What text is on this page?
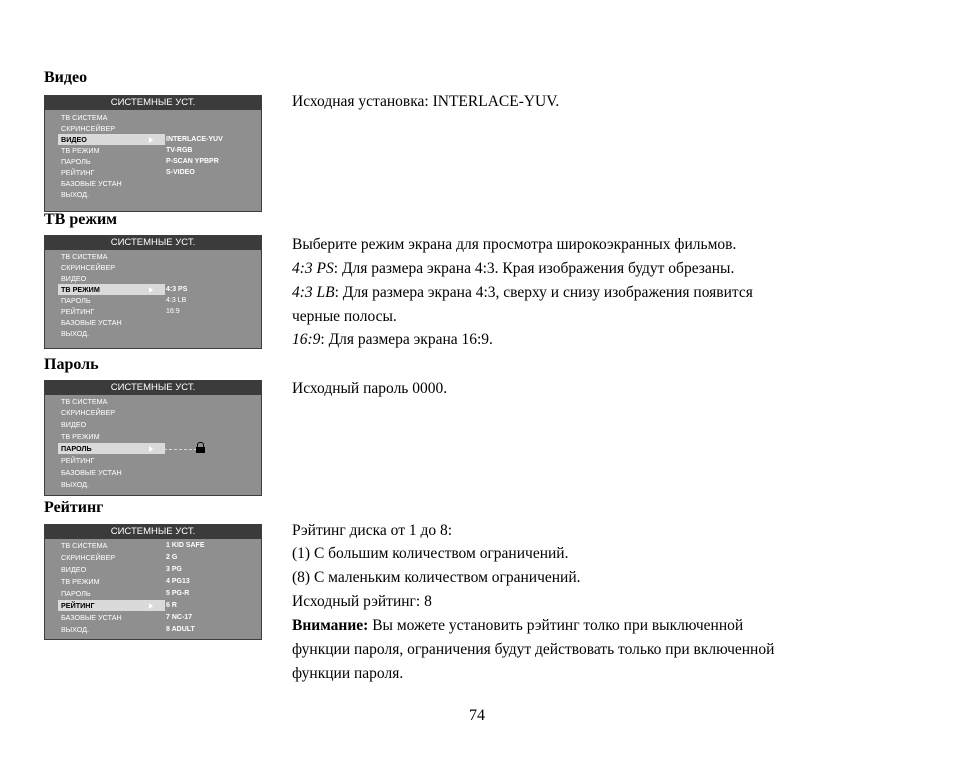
Видео
СИСТЕМНЫЕ УСТ.
ТВ СИСТЕМА
СКРИНСЕЙВЕР
ВИДЕО
ТВ РЕЖИМ
ПАРОЛЬ
РЕЙТИНГ
БАЗОВЫЕ УСТАН
ВЫХОД.
INTERLACE-YUV
TV-RGB
P-SCAN YPBPR
S-VIDEO
Исходная установка: INTERLACE-YUV.
ТВ режим
СИСТЕМНЫЕ УСТ.
ТВ СИСТЕМА
СКРИНСЕЙВЕР
ВИДЕО
ТВ РЕЖИМ
ПАРОЛЬ
РЕЙТИНГ
БАЗОВЫЕ УСТАН
ВЫХОД.
4:3 PS
4:3 LB
16:9
Выберите режим экрана для просмотра широкоэкранных фильмов.
4:3 PS: Для размера экрана 4:3. Края изображения будут обрезаны.
4:3 LB: Для размера экрана 4:3, сверху и снизу изображения появится
черные полосы.
16:9: Для размера экрана 16:9.
Пароль
СИСТЕМНЫЕ УСТ.
ТВ СИСТЕМА
СКРИНСЕЙВЕР
ВИДЕО
ТВ РЕЖИМ
ПАРОЛЬ
РЕЙТИНГ
БАЗОВЫЕ УСТАН
ВЫХОД.
Исходный пароль 0000.
Рейтинг
СИСТЕМНЫЕ УСТ.
ТВ СИСТЕМА
СКРИНСЕЙВЕР
ВИДЕО
ТВ РЕЖИМ
ПАРОЛЬ
РЕЙТИНГ
БАЗОВЫЕ УСТАН
ВЫХОД.
1 KID SAFE
2 G
3 PG
4 PG13
5 PG-R
6 R
7 NC-17
8 ADULT
Рэйтинг диска от 1 до 8:
(1) С большим количеством ограничений.
(8) С маленьким количеством ограничений.
Исходный рэйтинг: 8
Внимание: Вы можете установить рэйтинг толко при выключенной
функции пароля, ограничения будут действовать только при включенной
функции пароля.
74
